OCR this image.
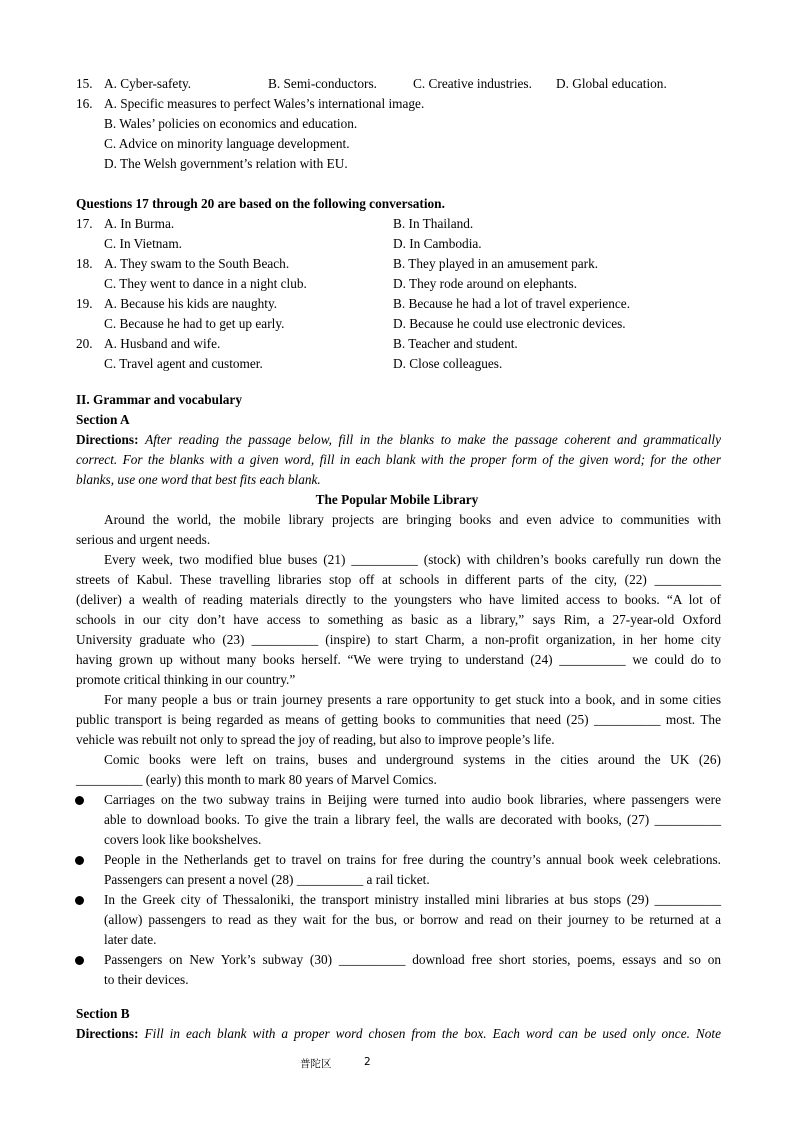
15. A. Cyber-safety.	B. Semi-conductors.	C. Creative industries. D. Global education.
16. A. Specific measures to perfect Wales’s international image.
B. Wales’ policies on economics and education.
C. Advice on minority language development.
D. The Welsh government’s relation with EU.
Questions 17 through 20 are based on the following conversation.
17. A. In Burma.	B. In Thailand.
C. In Vietnam.	D. In Cambodia.
18. A. They swam to the South Beach.	B. They played in an amusement park.
C. They went to dance in a night club.	D. They rode around on elephants.
19. A. Because his kids are naughty.	B. Because he had a lot of travel experience.
C. Because he had to get up early.	D. Because he could use electronic devices.
20. A. Husband and wife.	B. Teacher and student.
C. Travel agent and customer.	D. Close colleagues.
II. Grammar and vocabulary
Section A
Directions: After reading the passage below, fill in the blanks to make the passage coherent and grammatically
correct. For the blanks with a given word, fill in each blank with the proper form of the given word; for the other
blanks, use one word that best fits each blank.
The Popular Mobile Library
Around the world, the mobile library projects are bringing books and even advice to communities with
serious and urgent needs.
Every week, two modified blue buses (21) __________ (stock) with children’s books carefully run down the
streets of Kabul. These travelling libraries stop off at schools in different parts of the city, (22) __________
(deliver) a wealth of reading materials directly to the youngsters who have limited access to books. “A lot of
schools in our city don’t have access to something as basic as a library,” says Rim, a 27-year-old Oxford
University graduate who (23) __________ (inspire) to start Charm, a non-profit organization, in her home city
having grown up without many books herself. “We were trying to understand (24) __________ we could do to
promote critical thinking in our country.”
For many people a bus or train journey presents a rare opportunity to get stuck into a book, and in some cities
public transport is being regarded as means of getting books to communities that need (25) __________ most. The
vehicle was rebuilt not only to spread the joy of reading, but also to improve people’s life.
Comic books were left on trains, buses and underground systems in the cities around the UK (26)
__________ (early) this month to mark 80 years of Marvel Comics.
Carriages on the two subway trains in Beijing were turned into audio book libraries, where passengers were
able to download books. To give the train a library feel, the walls are decorated with books, (27) __________
covers look like bookshelves.
People in the Netherlands get to travel on trains for free during the country’s annual book week celebrations.
Passengers can present a novel (28) __________ a rail ticket.
In the Greek city of Thessaloniki, the transport ministry installed mini libraries at bus stops (29) __________
(allow) passengers to read as they wait for the bus, or borrow and read on their journey to be returned at a
later date.
Passengers on New York’s subway (30) __________ download free short stories, poems, essays and so on
to their devices.
Section B
Directions: Fill in each blank with a proper word chosen from the box. Each word can be used only once. Note
普陀区	2
